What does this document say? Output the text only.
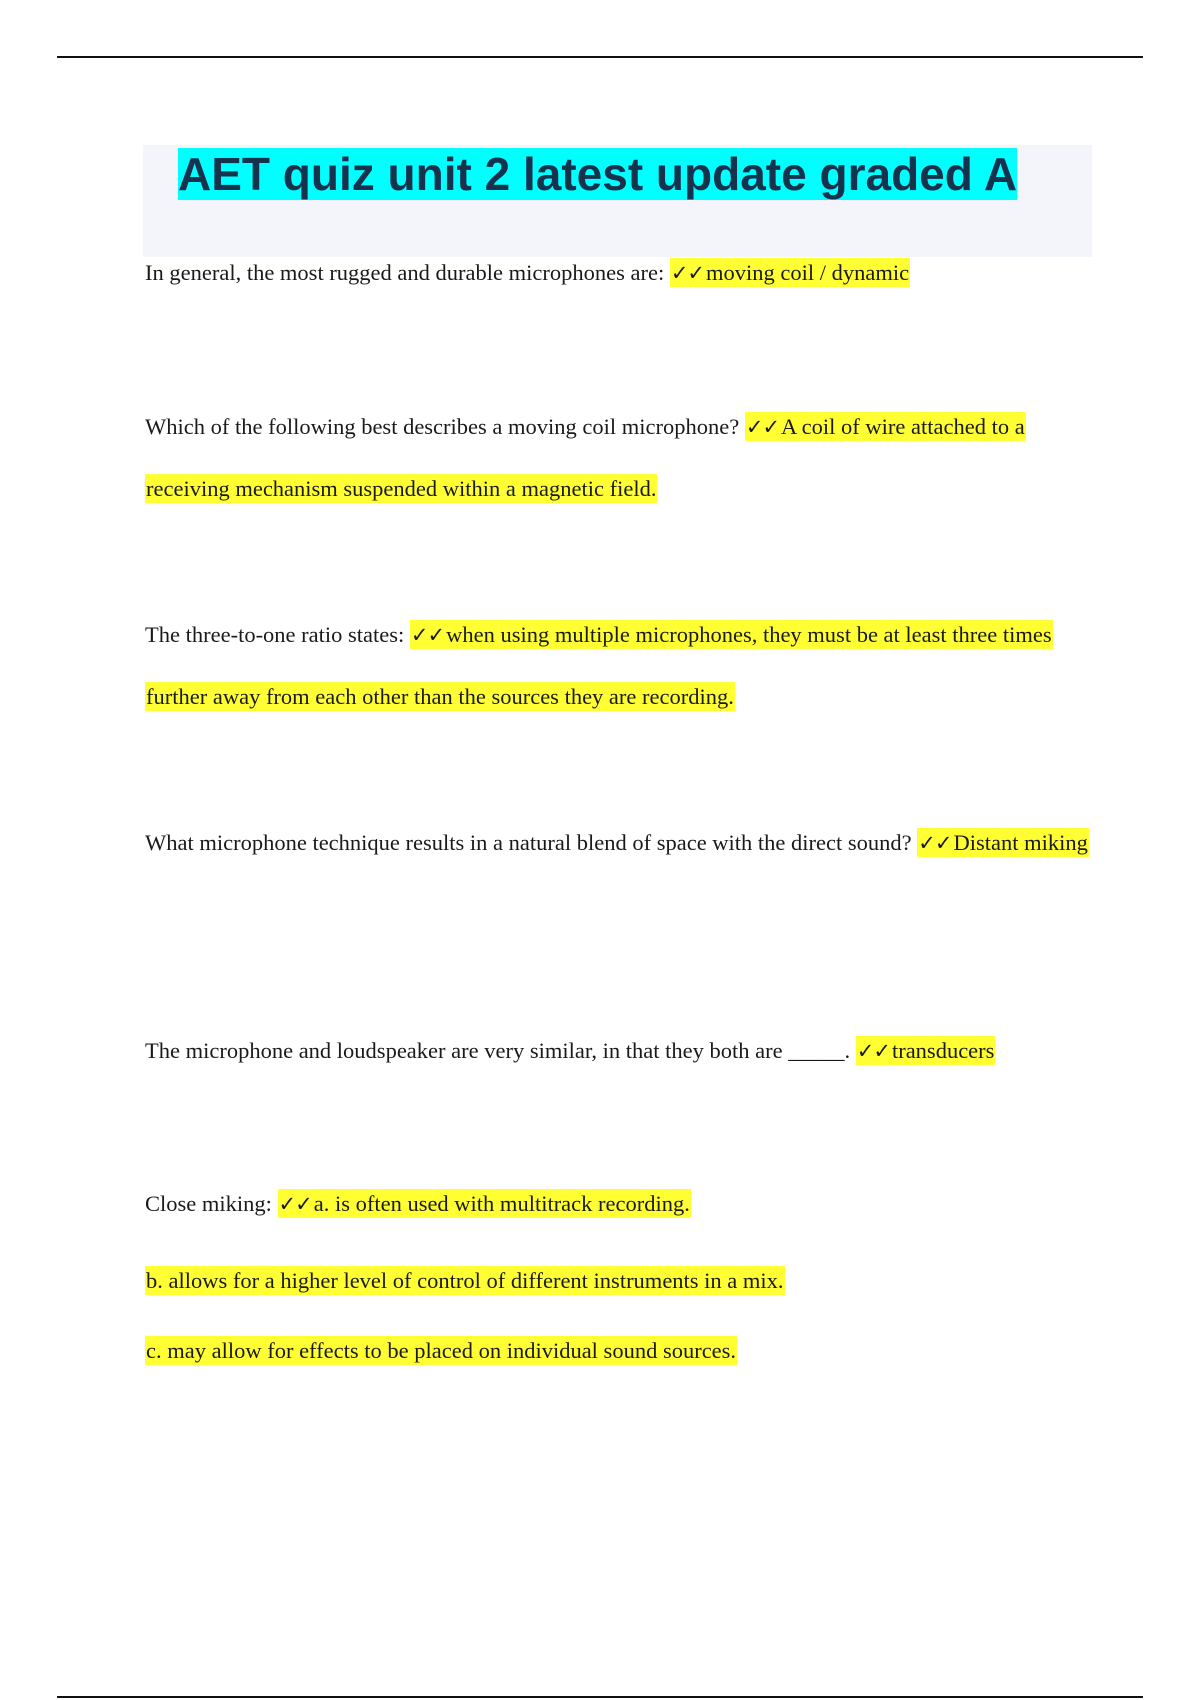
AET quiz unit 2 latest update graded A
In general, the most rugged and durable microphones are: ✓✓moving coil / dynamic
Which of the following best describes a moving coil microphone? ✓✓A coil of wire attached to a receiving mechanism suspended within a magnetic field.
The three-to-one ratio states: ✓✓when using multiple microphones, they must be at least three times further away from each other than the sources they are recording.
What microphone technique results in a natural blend of space with the direct sound? ✓✓Distant miking
The microphone and loudspeaker are very similar, in that they both are _____. ✓✓transducers
Close miking: ✓✓a. is often used with multitrack recording.
b. allows for a higher level of control of different instruments in a mix.
c. may allow for effects to be placed on individual sound sources.
